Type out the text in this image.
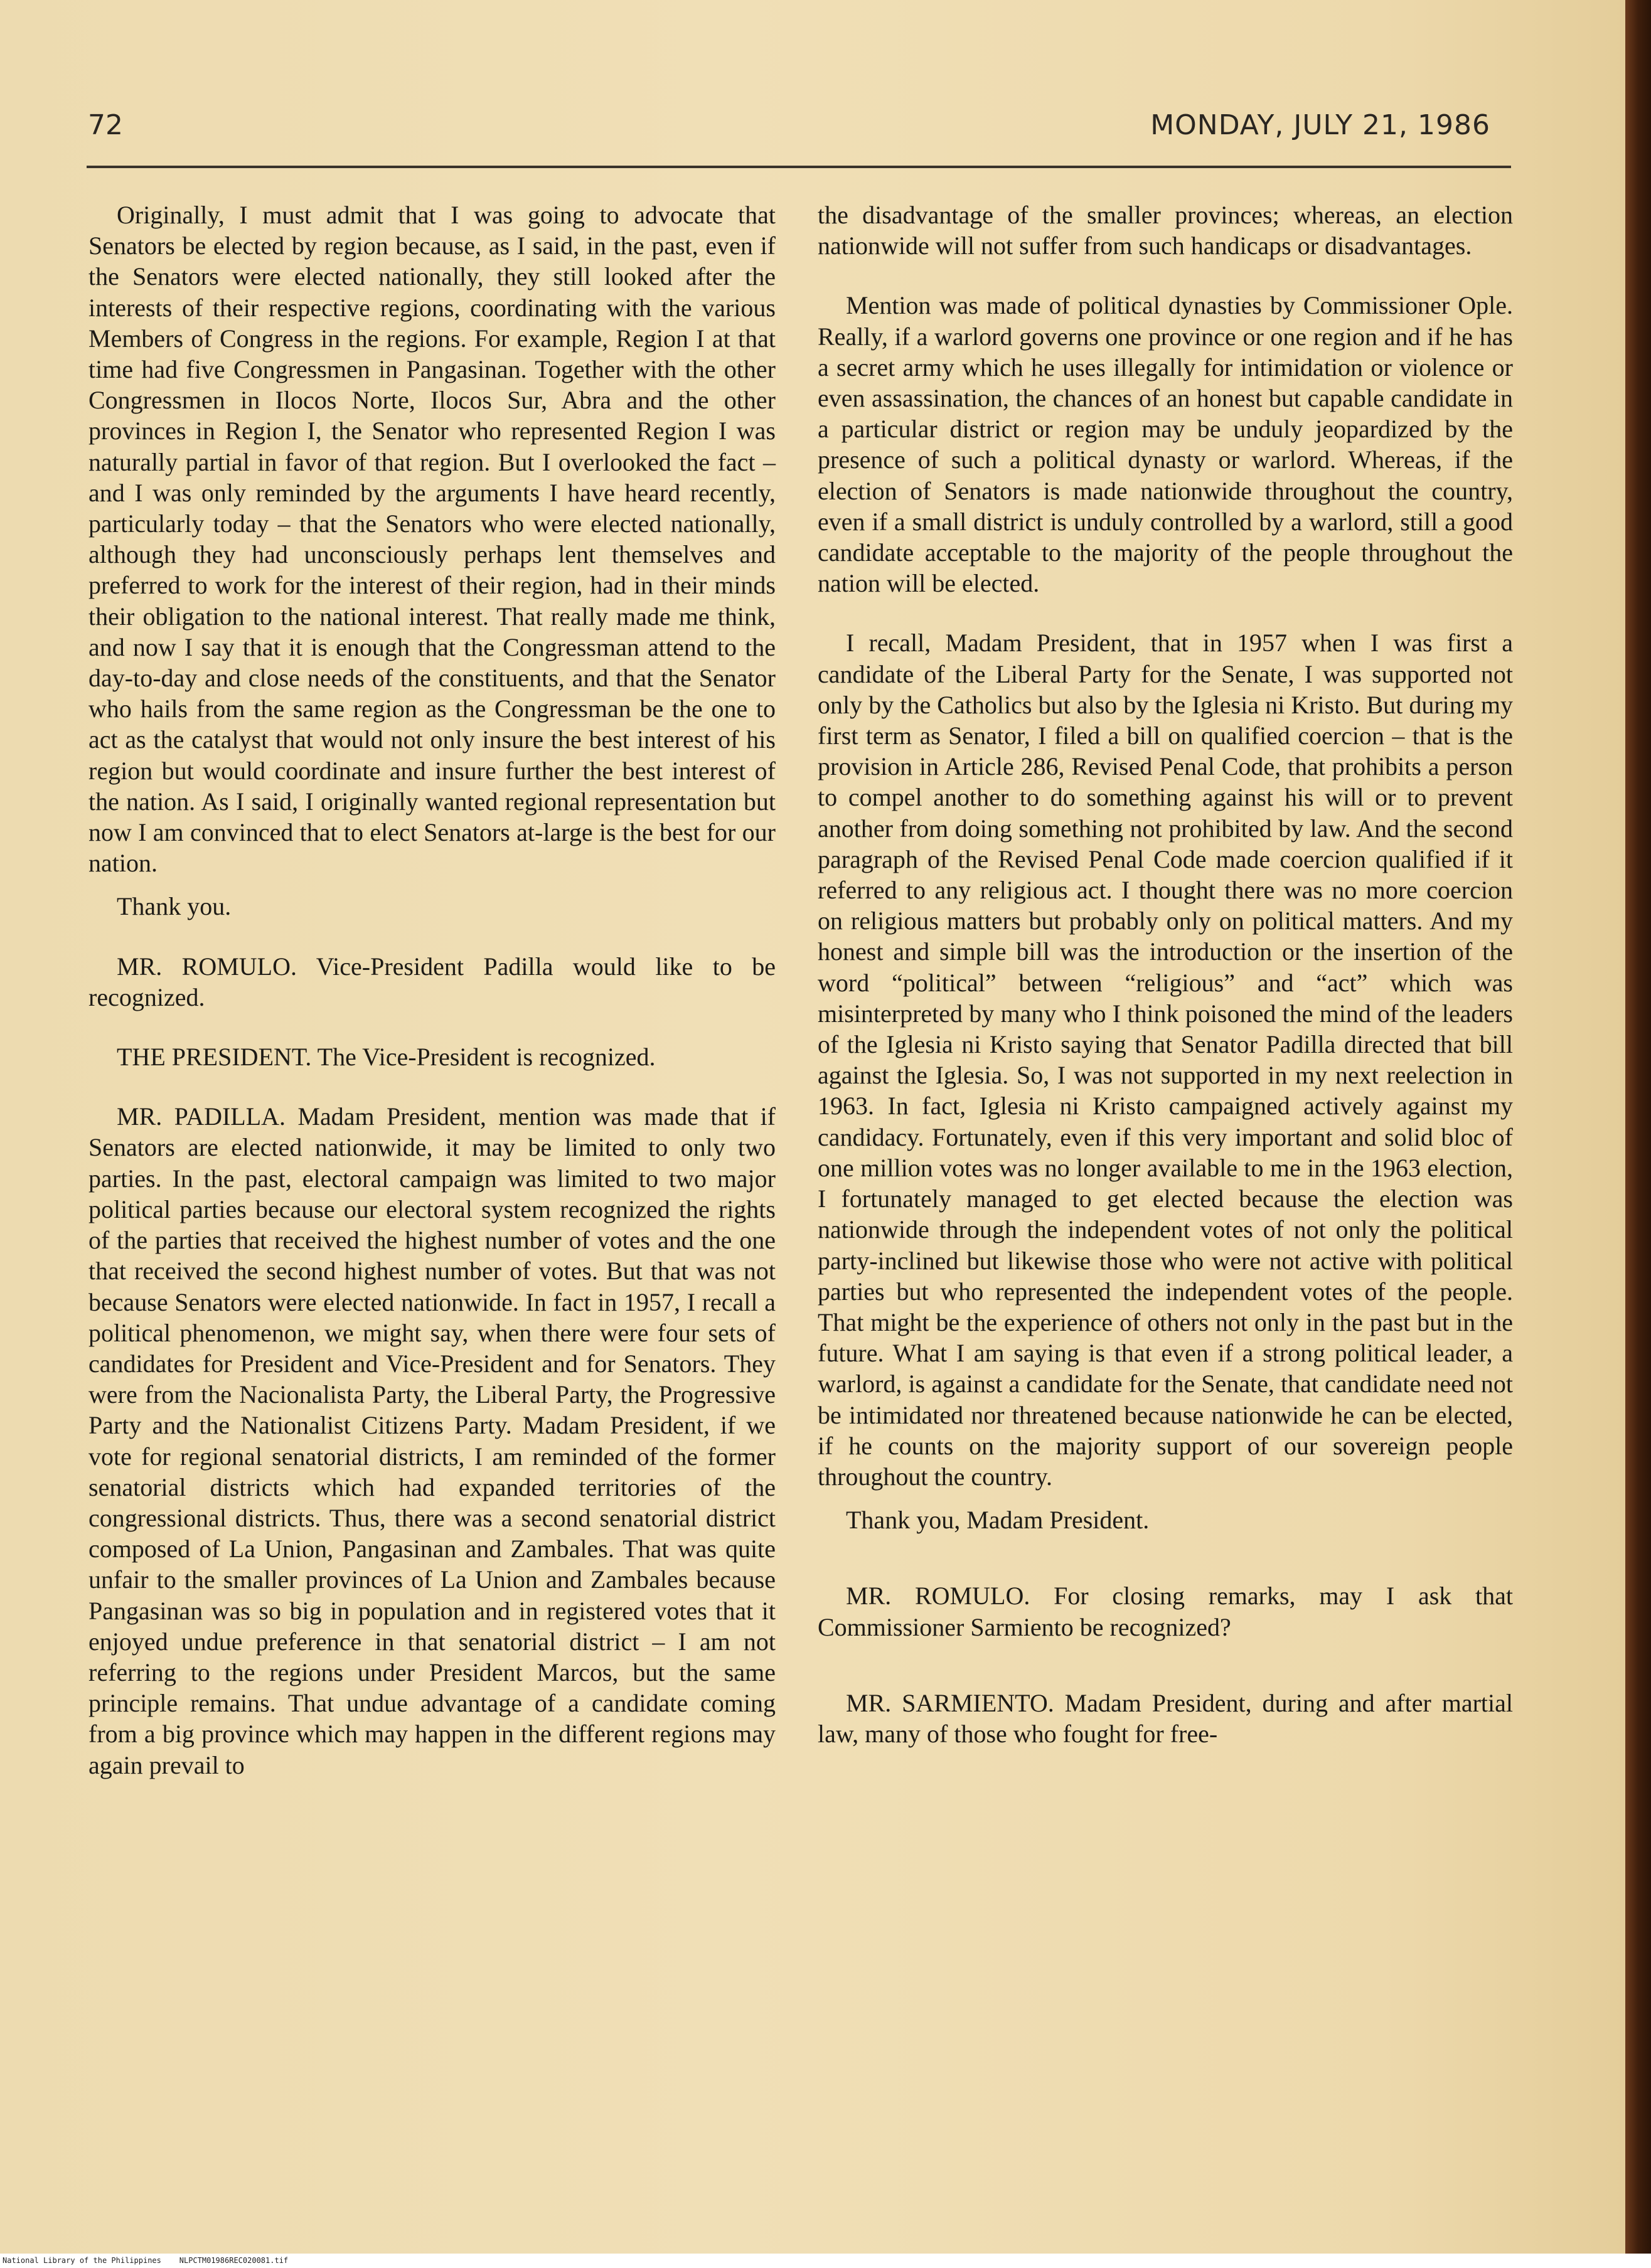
72	MONDAY, JULY 21, 1986

Originally, I must admit that I was going to advocate that Senators be elected by region because, as I said, in the past, even if the Senators were elected nationally, they still looked after the interests of their respective regions, coordinating with the various Members of Congress in the regions. For example, Region I at that time had five Congressmen in Pangasinan. Together with the other Congressmen in Ilocos Norte, Ilocos Sur, Abra and the other provinces in Region I, the Senator who represented Region I was naturally partial in favor of that region. But I overlooked the fact – and I was only reminded by the arguments I have heard recently, particularly today – that the Senators who were elected nationally, although they had unconsciously perhaps lent themselves and preferred to work for the interest of their region, had in their minds their obligation to the national interest. That really made me think, and now I say that it is enough that the Congressman attend to the day-to-day and close needs of the constituents, and that the Senator who hails from the same region as the Congressman be the one to act as the catalyst that would not only insure the best interest of his region but would coordinate and insure further the best interest of the nation. As I said, I originally wanted regional representation but now I am convinced that to elect Senators at-large is the best for our nation.

Thank you.

MR. ROMULO. Vice-President Padilla would like to be recognized.

THE PRESIDENT. The Vice-President is recognized.

MR. PADILLA. Madam President, mention was made that if Senators are elected nationwide, it may be limited to only two parties. In the past, electoral campaign was limited to two major political parties because our electoral system recognized the rights of the parties that received the highest number of votes and the one that received the second highest number of votes. But that was not because Senators were elected nationwide. In fact in 1957, I recall a political phenomenon, we might say, when there were four sets of candidates for President and Vice-President and for Senators. They were from the Nacionalista Party, the Liberal Party, the Progressive Party and the Nationalist Citizens Party. Madam President, if we vote for regional senatorial districts, I am reminded of the former senatorial districts which had expanded territories of the congressional districts. Thus, there was a second senatorial district composed of La Union, Pangasinan and Zambales. That was quite unfair to the smaller provinces of La Union and Zambales because Pangasinan was so big in population and in registered votes that it enjoyed undue preference in that senatorial district – I am not referring to the regions under President Marcos, but the same principle remains. That undue advantage of a candidate coming from a big province which may happen in the different regions may again prevail to

the disadvantage of the smaller provinces; whereas, an election nationwide will not suffer from such handicaps or disadvantages.

Mention was made of political dynasties by Commissioner Ople. Really, if a warlord governs one province or one region and if he has a secret army which he uses illegally for intimidation or violence or even assassination, the chances of an honest but capable candidate in a particular district or region may be unduly jeopardized by the presence of such a political dynasty or warlord. Whereas, if the election of Senators is made nationwide throughout the country, even if a small district is unduly controlled by a warlord, still a good candidate acceptable to the majority of the people throughout the nation will be elected.

I recall, Madam President, that in 1957 when I was first a candidate of the Liberal Party for the Senate, I was supported not only by the Catholics but also by the Iglesia ni Kristo. But during my first term as Senator, I filed a bill on qualified coercion – that is the provision in Article 286, Revised Penal Code, that prohibits a person to compel another to do something against his will or to prevent another from doing something not prohibited by law. And the second paragraph of the Revised Penal Code made coercion qualified if it referred to any religious act. I thought there was no more coercion on religious matters but probably only on political matters. And my honest and simple bill was the introduction or the insertion of the word “political” between “religious” and “act” which was misinterpreted by many who I think poisoned the mind of the leaders of the Iglesia ni Kristo saying that Senator Padilla directed that bill against the Iglesia. So, I was not supported in my next reelection in 1963. In fact, Iglesia ni Kristo campaigned actively against my candidacy. Fortunately, even if this very important and solid bloc of one million votes was no longer available to me in the 1963 election, I fortunately managed to get elected because the election was nationwide through the independent votes of not only the political party-inclined but likewise those who were not active with political parties but who represented the independent votes of the people. That might be the experience of others not only in the past but in the future. What I am saying is that even if a strong political leader, a warlord, is against a candidate for the Senate, that candidate need not be intimidated nor threatened because nationwide he can be elected, if he counts on the majority support of our sovereign people throughout the country.

Thank you, Madam President.

MR. ROMULO. For closing remarks, may I ask that Commissioner Sarmiento be recognized?

MR. SARMIENTO. Madam President, during and after martial law, many of those who fought for free-

National Library of the Philippines    NLPCTM01986REC020081.tif
